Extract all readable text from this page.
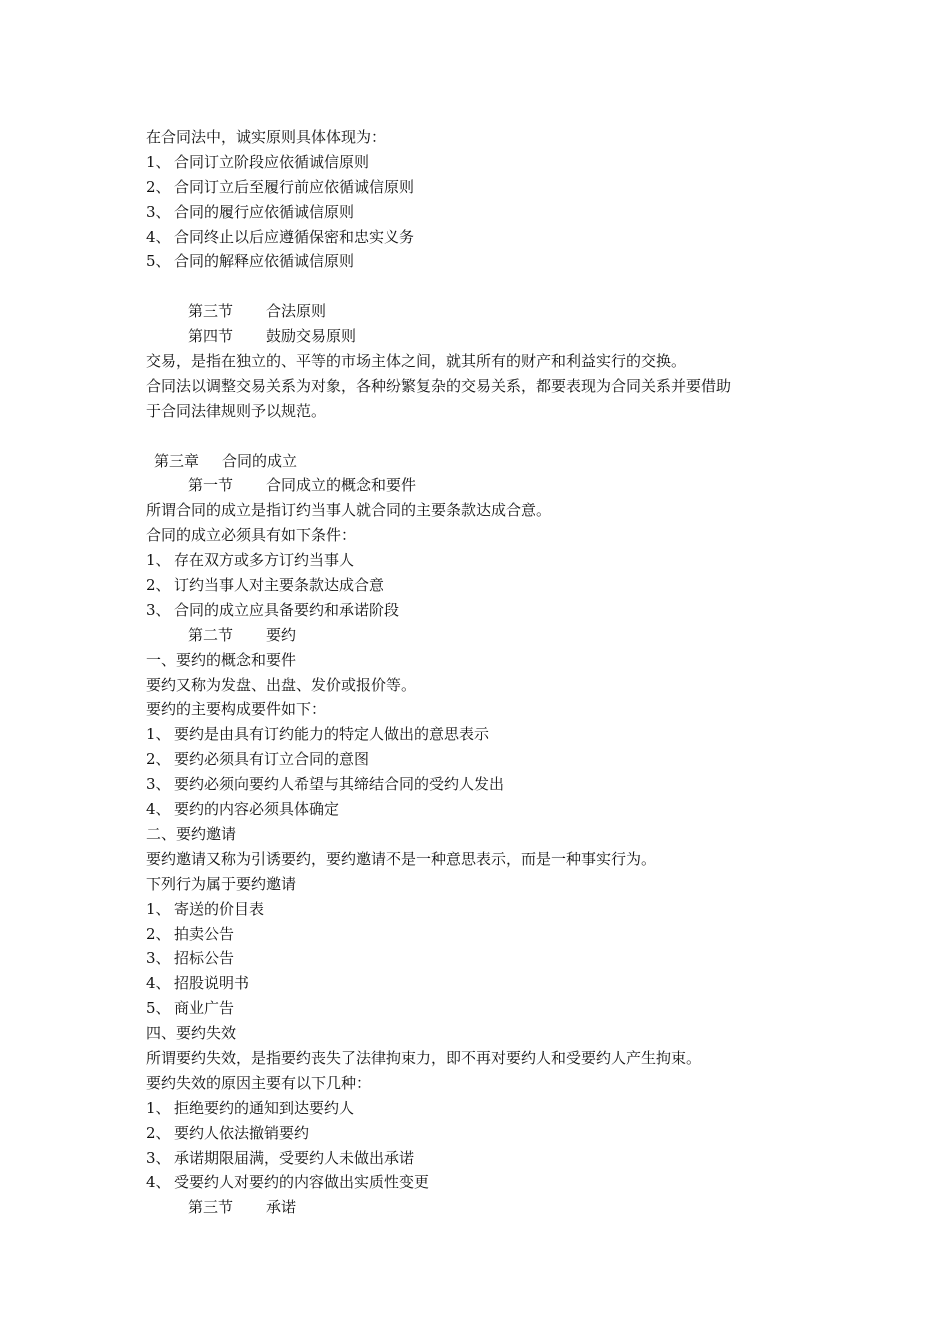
在合同法中，诚实原则具体体现为：
1、 合同订立阶段应依循诚信原则
2、 合同订立后至履行前应依循诚信原则
3、 合同的履行应依循诚信原则
4、 合同终止以后应遵循保密和忠实义务
5、 合同的解释应依循诚信原则
第三节 合法原则
第四节 鼓励交易原则
交易，是指在独立的、平等的市场主体之间，就其所有的财产和利益实行的交换。
合同法以调整交易关系为对象，各种纷繁复杂的交易关系，都要表现为合同关系并要借助
于合同法律规则予以规范。
第三章 合同的成立
第一节 合同成立的概念和要件
所谓合同的成立是指订约当事人就合同的主要条款达成合意。
合同的成立必须具有如下条件：
1、 存在双方或多方订约当事人
2、 订约当事人对主要条款达成合意
3、 合同的成立应具备要约和承诺阶段
第二节 要约
一、要约的概念和要件
要约又称为发盘、出盘、发价或报价等。
要约的主要构成要件如下：
1、 要约是由具有订约能力的特定人做出的意思表示
2、 要约必须具有订立合同的意图
3、 要约必须向要约人希望与其缔结合同的受约人发出
4、 要约的内容必须具体确定
二、要约邀请
要约邀请又称为引诱要约，要约邀请不是一种意思表示，而是一种事实行为。
下列行为属于要约邀请
1、 寄送的价目表
2、 拍卖公告
3、 招标公告
4、 招股说明书
5、 商业广告
四、要约失效
所谓要约失效，是指要约丧失了法律拘束力，即不再对要约人和受要约人产生拘束。
要约失效的原因主要有以下几种：
1、 拒绝要约的通知到达要约人
2、 要约人依法撤销要约
3、 承诺期限届满，受要约人未做出承诺
4、 受要约人对要约的内容做出实质性变更
第三节 承诺
